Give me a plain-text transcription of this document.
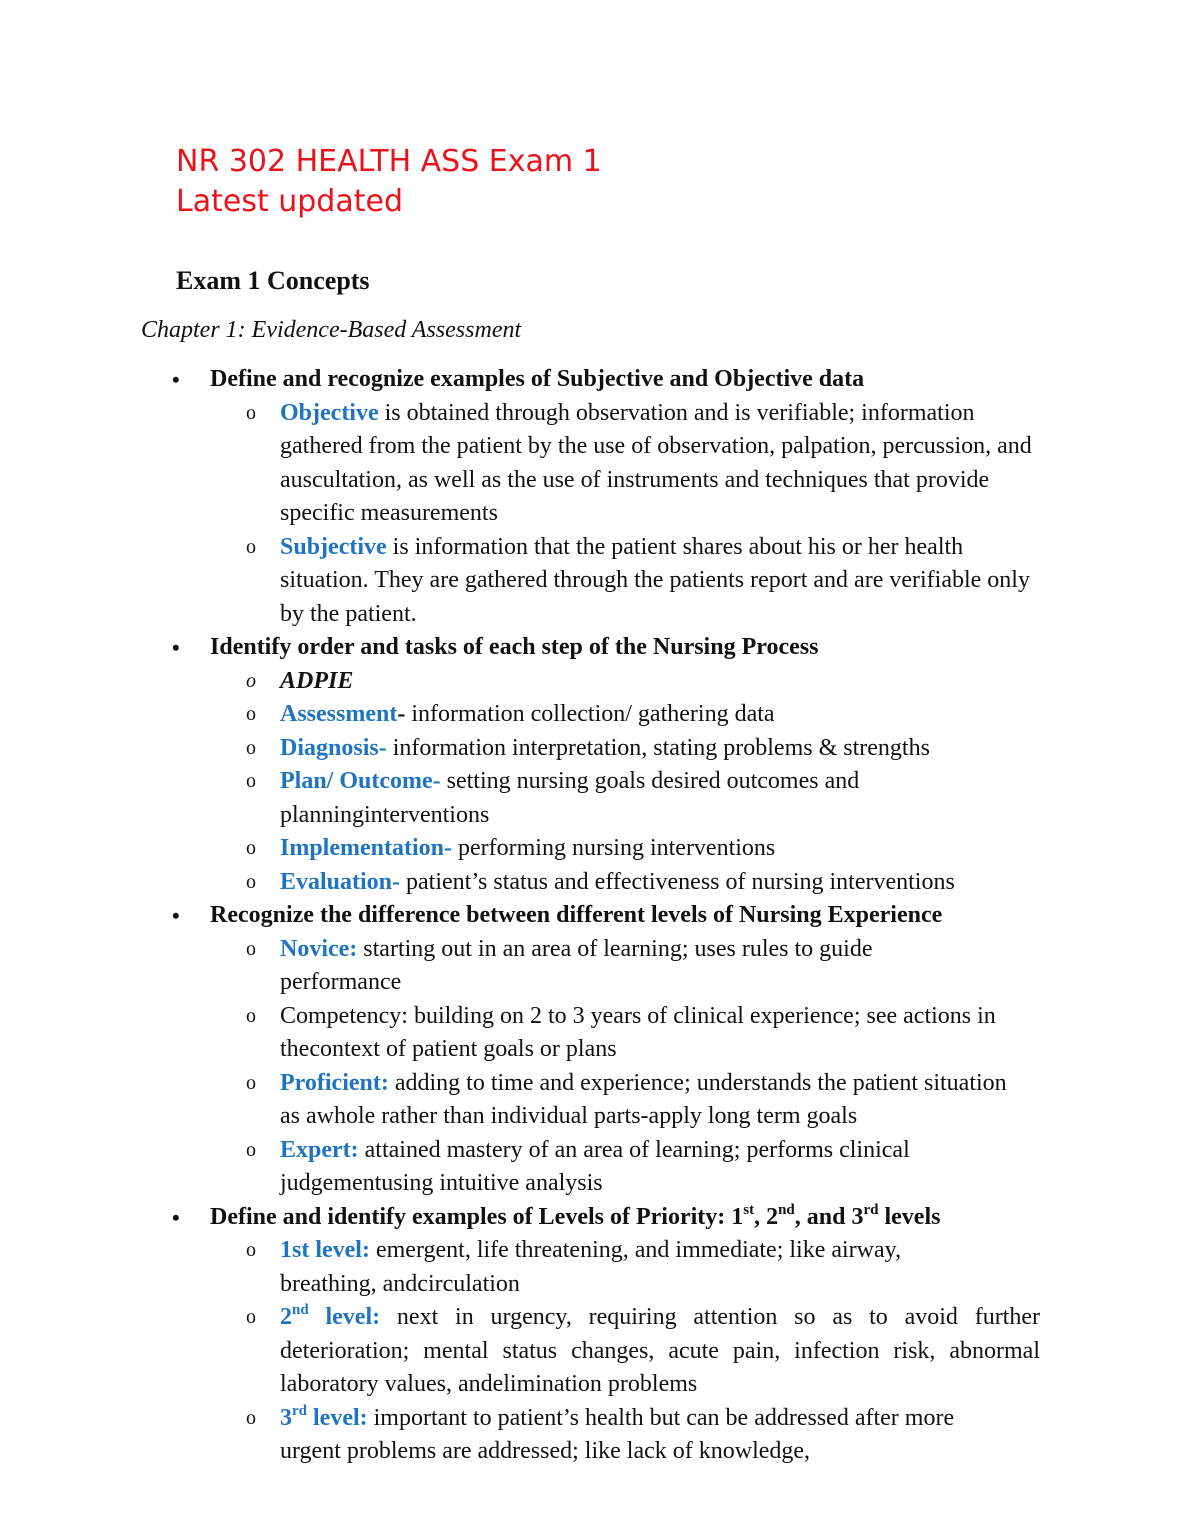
NR 302 HEALTH ASS Exam 1
Latest updated
Exam 1 Concepts
Chapter 1: Evidence-Based Assessment
• Define and recognize examples of Subjective and Objective data
o Objective is obtained through observation and is verifiable; information gathered from the patient by the use of observation, palpation, percussion, and auscultation, as well as the use of instruments and techniques that provide specific measurements
o Subjective is information that the patient shares about his or her health situation. They are gathered through the patients report and are verifiable only by the patient.
• Identify order and tasks of each step of the Nursing Process
o ADPIE
o Assessment- information collection/ gathering data
o Diagnosis- information interpretation, stating problems & strengths
o Plan/ Outcome- setting nursing goals desired outcomes and planninginterventions
o Implementation- performing nursing interventions
o Evaluation- patient’s status and effectiveness of nursing interventions
• Recognize the difference between different levels of Nursing Experience
o Novice: starting out in an area of learning; uses rules to guide performance
o Competency: building on 2 to 3 years of clinical experience; see actions in thecontext of patient goals or plans
o Proficient: adding to time and experience; understands the patient situation as awhole rather than individual parts-apply long term goals
o Expert: attained mastery of an area of learning; performs clinical judgementusing intuitive analysis
• Define and identify examples of Levels of Priority: 1st, 2nd, and 3rd levels
o 1st level: emergent, life threatening, and immediate; like airway, breathing, andcirculation
o 2nd level: next in urgency, requiring attention so as to avoid further deterioration; mental status changes, acute pain, infection risk, abnormal laboratory values, andelimination problems
o 3rd level: important to patient’s health but can be addressed after more urgent problems are addressed; like lack of knowledge,
